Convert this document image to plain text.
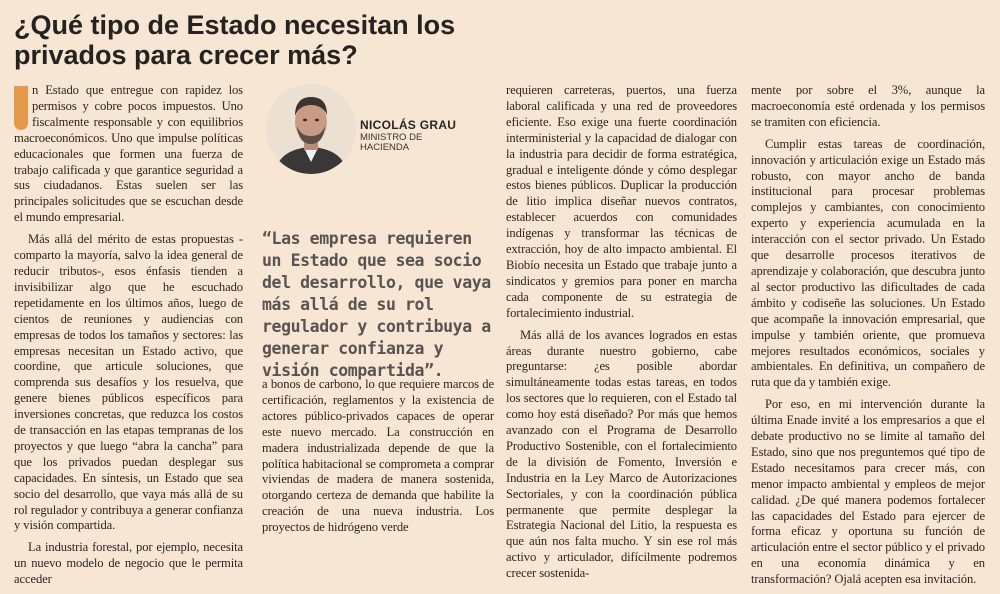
¿Qué tipo de Estado necesitan los privados para crecer más?
NICOLÁS GRAU
MINISTRO DE HACIENDA
“Las empresa requieren un Estado que sea socio del desarrollo, que vaya más allá de su rol regulador y contribuya a generar confianza y visión compartida”.

n Estado que entregue con rapidez los permisos y cobre pocos impuestos. Uno fiscalmente responsable y con equilibrios macroeconómicos. Uno que impulse políticas educacionales que formen una fuerza de trabajo calificada y que garantice seguridad a sus ciudadanos. Estas suelen ser las principales solicitudes que se escuchan desde el mundo empresarial.

Más allá del mérito de estas propuestas -comparto la mayoría, salvo la idea general de reducir tributos-, esos énfasis tienden a invisibilizar algo que he escuchado repetidamente en los últimos años, luego de cientos de reuniones y audiencias con empresas de todos los tamaños y sectores: las empresas necesitan un Estado activo, que coordine, que articule soluciones, que comprenda sus desafíos y los resuelva, que genere bienes públicos específicos para inversiones concretas, que reduzca los costos de transacción en las etapas tempranas de los proyectos y que luego “abra la cancha” para que los privados puedan desplegar sus capacidades. En síntesis, un Estado que sea socio del desarrollo, que vaya más allá de su rol regulador y contribuya a generar confianza y visión compartida.

La industria forestal, por ejemplo, necesita un nuevo modelo de negocio que le permita acceder

a bonos de carbono, lo que requiere marcos de certificación, reglamentos y la existencia de actores público-privados capaces de operar este nuevo mercado. La construcción en madera industrializada depende de que la política habitacional se comprometa a comprar viviendas de madera de manera sostenida, otorgando certeza de demanda que habilite la creación de una nueva industria. Los proyectos de hidrógeno verde

requieren carreteras, puertos, una fuerza laboral calificada y una red de proveedores eficiente. Eso exige una fuerte coordinación interministerial y la capacidad de dialogar con la industria para decidir de forma estratégica, gradual e inteligente dónde y cómo desplegar estos bienes públicos. Duplicar la producción de litio implica diseñar nuevos contratos, establecer acuerdos con comunidades indígenas y transformar las técnicas de extracción, hoy de alto impacto ambiental. El Biobío necesita un Estado que trabaje junto a sindicatos y gremios para poner en marcha cada componente de su estrategia de fortalecimiento industrial.

Más allá de los avances logrados en estas áreas durante nuestro gobierno, cabe preguntarse: ¿es posible abordar simultáneamente todas estas tareas, en todos los sectores que lo requieren, con el Estado tal como hoy está diseñado? Por más que hemos avanzado con el Programa de Desarrollo Productivo Sostenible, con el fortalecimiento de la división de Fomento, Inversión e Industria en la Ley Marco de Autorizaciones Sectoriales, y con la coordinación pública permanente que permite desplegar la Estrategia Nacional del Litio, la respuesta es que aún nos falta mucho. Y sin ese rol más activo y articulador, difícilmente podremos crecer sostenida-

mente por sobre el 3%, aunque la macroeconomía esté ordenada y los permisos se tramiten con eficiencia.

Cumplir estas tareas de coordinación, innovación y articulación exige un Estado más robusto, con mayor ancho de banda institucional para procesar problemas complejos y cambiantes, con conocimiento experto y experiencia acumulada en la interacción con el sector privado. Un Estado que desarrolle procesos iterativos de aprendizaje y colaboración, que descubra junto al sector productivo las dificultades de cada ámbito y codiseñe las soluciones. Un Estado que acompañe la innovación empresarial, que impulse y también oriente, que promueva mejores resultados económicos, sociales y ambientales. En definitiva, un compañero de ruta que da y también exige.

Por eso, en mi intervención durante la última Enade invité a los empresarios a que el debate productivo no se limite al tamaño del Estado, sino que nos preguntemos qué tipo de Estado necesitamos para crecer más, con menor impacto ambiental y empleos de mejor calidad. ¿De qué manera podemos fortalecer las capacidades del Estado para ejercer de forma eficaz y oportuna su función de articulación entre el sector público y el privado en una economía dinámica y en transformación? Ojalá acepten esa invitación.
